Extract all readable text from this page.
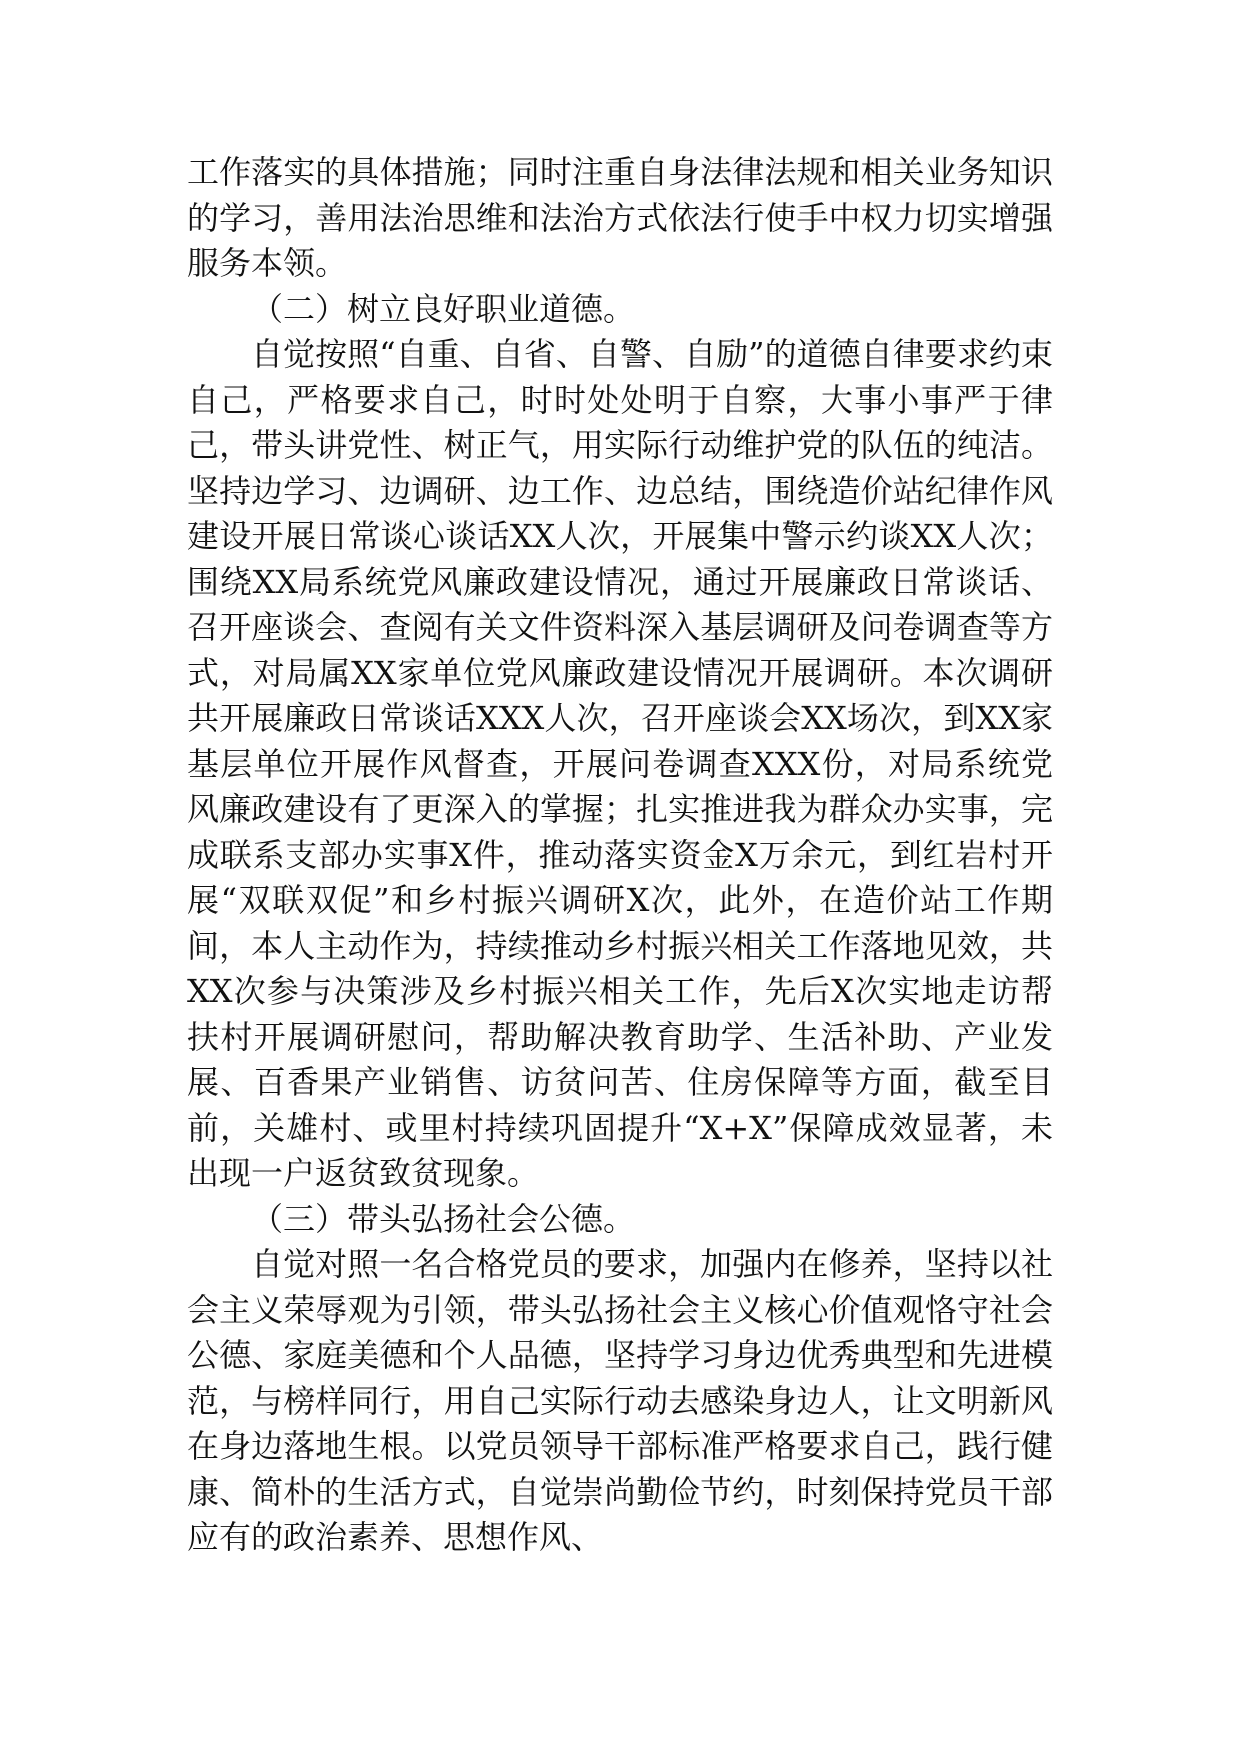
工作落实的具体措施；同时注重自身法律法规和相关业务知识的学习，善用法治思维和法治方式依法行使手中权力切实增强服务本领。

（二）树立良好职业道德。

自觉按照“自重、自省、自警、自励”的道德自律要求约束自己，严格要求自己，时时处处明于自察，大事小事严于律己，带头讲党性、树正气，用实际行动维护党的队伍的纯洁。坚持边学习、边调研、边工作、边总结，围绕造价站纪律作风建设开展日常谈心谈话XX人次，开展集中警示约谈XX人次；围绕XX局系统党风廉政建设情况，通过开展廉政日常谈话、召开座谈会、查阅有关文件资料深入基层调研及问卷调查等方式，对局属XX家单位党风廉政建设情况开展调研。本次调研共开展廉政日常谈话XXX人次，召开座谈会XX场次，到XX家基层单位开展作风督查，开展问卷调查XXX份，对局系统党风廉政建设有了更深入的掌握；扎实推进我为群众办实事，完成联系支部办实事X件，推动落实资金X万余元，到红岩村开展“双联双促”和乡村振兴调研X次，此外，在造价站工作期间，本人主动作为，持续推动乡村振兴相关工作落地见效，共XX次参与决策涉及乡村振兴相关工作，先后X次实地走访帮扶村开展调研慰问，帮助解决教育助学、生活补助、产业发展、百香果产业销售、访贫问苦、住房保障等方面，截至目前，关雄村、或里村持续巩固提升“X+X”保障成效显著，未出现一户返贫致贫现象。

（三）带头弘扬社会公德。

自觉对照一名合格党员的要求，加强内在修养，坚持以社会主义荣辱观为引领，带头弘扬社会主义核心价值观恪守社会公德、家庭美德和个人品德，坚持学习身边优秀典型和先进模范，与榜样同行，用自己实际行动去感染身边人，让文明新风在身边落地生根。以党员领导干部标准严格要求自己，践行健康、简朴的生活方式，自觉崇尚勤俭节约，时刻保持党员干部应有的政治素养、思想作风、
